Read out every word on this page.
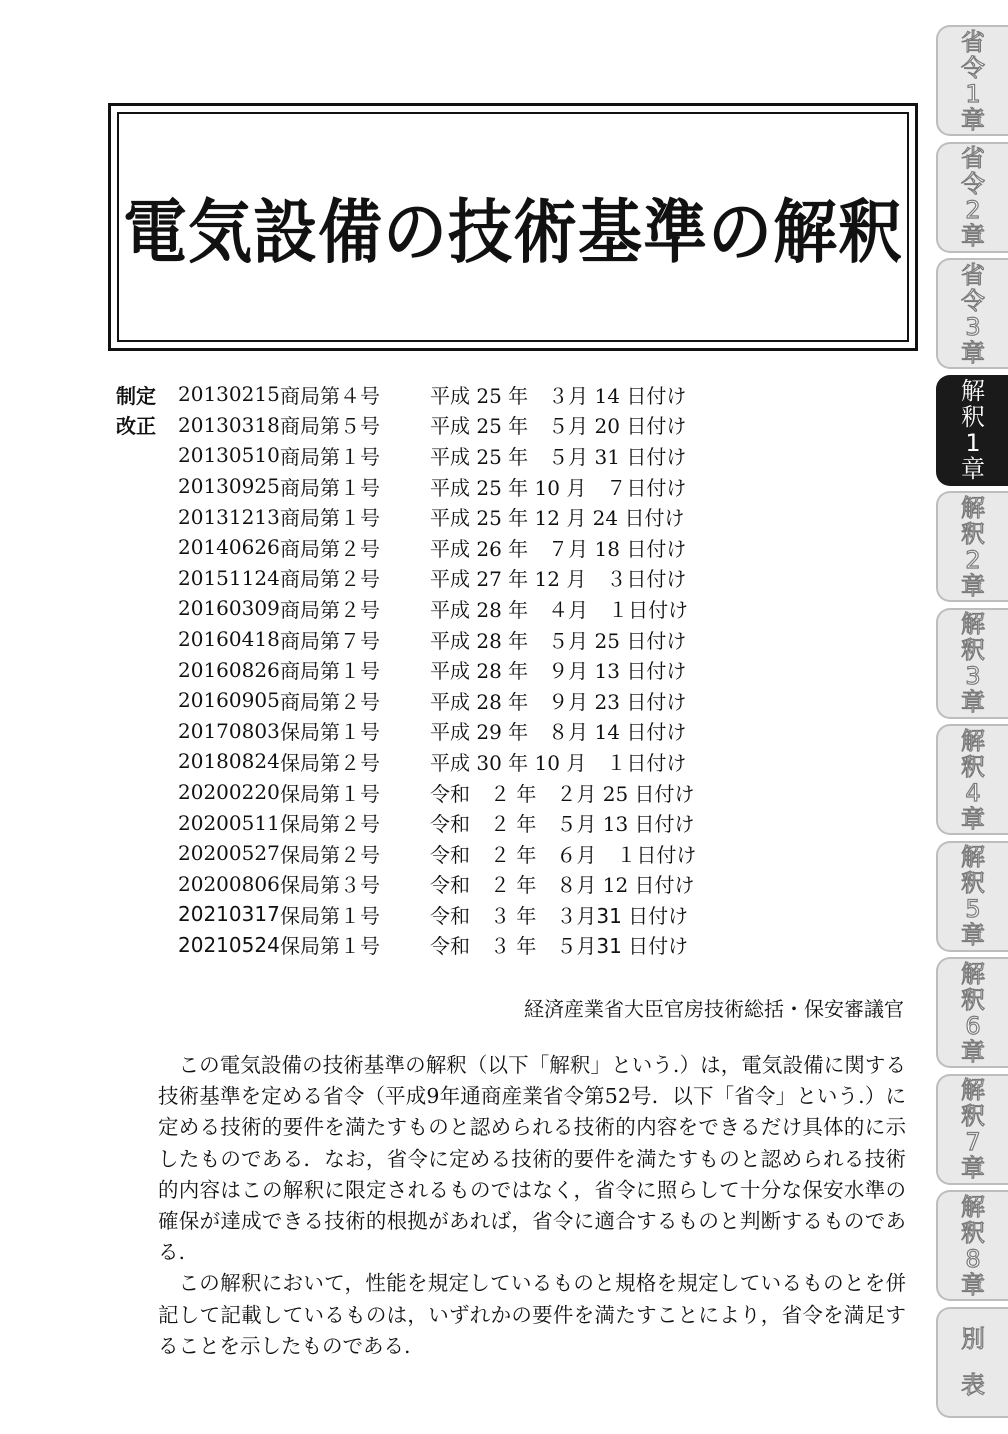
電気設備の技術基準の解釈
制定	20130215 商局第４号	平成 25 年　３月 14 日付け
改正	20130318 商局第５号	平成 25 年　５月 20 日付け
20130510 商局第１号	平成 25 年　５月 31 日付け
20130925 商局第１号	平成 25 年 10 月　７日付け
20131213 商局第１号	平成 25 年 12 月 24 日付け
20140626 商局第２号	平成 26 年　７月 18 日付け
20151124 商局第２号	平成 27 年 12 月　３日付け
20160309 商局第２号	平成 28 年　４月　１日付け
20160418 商局第７号	平成 28 年　５月 25 日付け
20160826 商局第１号	平成 28 年　９月 13 日付け
20160905 商局第２号	平成 28 年　９月 23 日付け
20170803 保局第１号	平成 29 年　８月 14 日付け
20180824 保局第２号	平成 30 年 10 月　１日付け
20200220 保局第１号	令和　２ 年　２月 25 日付け
20200511 保局第２号	令和　２ 年　５月 13 日付け
20200527 保局第２号	令和　２ 年　６月　１日付け
20200806 保局第３号	令和　２ 年　８月 12 日付け
20210317 保局第１号	令和　３ 年　３月31 日付け
20210524 保局第１号	令和　３ 年　５月31 日付け
経済産業省大臣官房技術総括・保安審議官

この電気設備の技術基準の解釈（以下「解釈」という.）は，電気設備に関する技術基準を定める省令（平成9年通商産業省令第52号．以下「省令」という.）に定める技術的要件を満たすものと認められる技術的内容をできるだけ具体的に示したものである．なお，省令に定める技術的要件を満たすものと認められる技術的内容はこの解釈に限定されるものではなく，省令に照らして十分な保安水準の確保が達成できる技術的根拠があれば，省令に適合するものと判断するものである.

この解釈において，性能を規定しているものと規格を規定しているものとを併記して記載しているものは，いずれかの要件を満たすことにより，省令を満足することを示したものである.

省
令
1
章
省
令
2
章
省
令
3
章
解
釈
1
章
解
釈
2
章
解
釈
3
章
解
釈
4
章
解
釈
5
章
解
釈
6
章
解
釈
7
章
解
釈
8
章
別
表
